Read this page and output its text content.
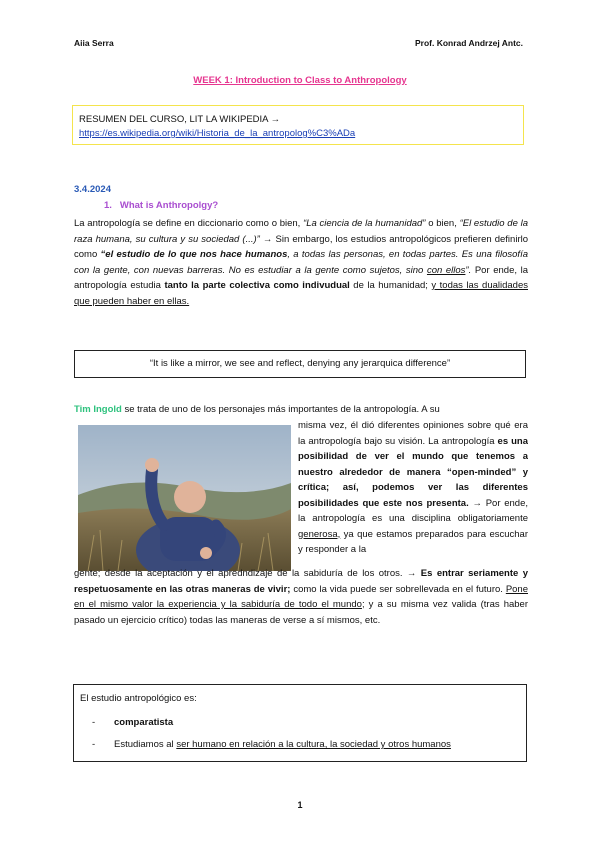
Aiia Serra	Prof. Konrad Andrzej Antc.
WEEK 1: Introduction to Class to Anthropology
RESUMEN DEL CURSO, LIT LA WIKIPEDIA →
https://es.wikipedia.org/wiki/Historia_de_la_antropolog%C3%ADa
3.4.2024
1. What is Anthropolgy?
La antropología se define en diccionario como o bien, “La ciencia de la humanidad” o bien, “El estudio de la raza humana, su cultura y su sociedad (...)” → Sin embargo, los estudios antropológicos prefieren definirlo como “el estudio de lo que nos hace humanos, a todas las personas, en todas partes. Es una filosofía con la gente, con nuevas barreras. No es estudiar a la gente como sujetos, sino con ellos”. Por ende, la antropología estudia tanto la parte colectiva como indivudual de la humanidad; y todas las dualidades que pueden haber en ellas.
“It is like a mirror, we see and reflect, denying any jerarquica difference”
Tim Ingold se trata de uno de los personajes más importantes de la antropología. A su
gente; desde la aceptación y el apredndizaje de la sabiduría de los otros. → Es entrar seriamente y respetuosamente en las otras maneras de vivir; como la vida puede ser sobrellevada en el futuro. Pone en el mismo valor la experiencia y la sabiduría de todo el mundo; y a su misma vez valida (tras haber pasado un ejercicio crítico) todas las maneras de verse a sí mismos, etc.
misma vez, él dió diferentes opiniones sobre qué era la antropología bajo su visión. La antropología es una posibilidad de ver el mundo que tenemos a nuestro alrededor de manera “open-minded” y crítica; así, podemos ver las diferentes posibilidades que este nos presenta. → Por ende, la antropología es una disciplina obligatoriamente generosa, ya que estamos preparados para escuchar y responder a la
El estudio antropológico es:
- comparatista
- Estudiamos al ser humano en relación a la cultura, la sociedad y otros humanos
1
